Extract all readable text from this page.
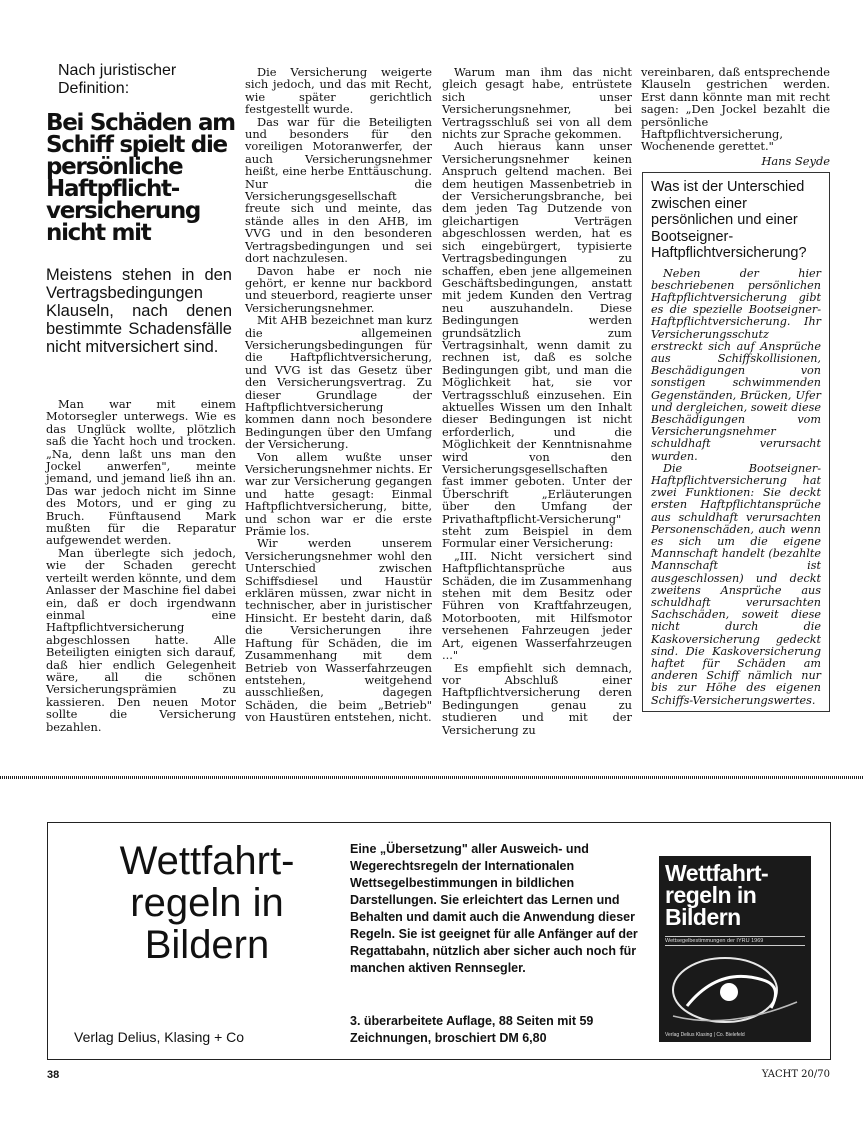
Nach juristischer Definition:
Bei Schäden am Schiff spielt die persönliche Haftpflicht- versicherung nicht mit
Meistens stehen in den Vertragsbedingungen Klauseln, nach denen bestimmte Schadensfälle nicht mitversichert sind.

Man war mit einem Motorsegler unterwegs. Wie es das Unglück wollte, plötzlich saß die Yacht hoch und trocken. „Na, denn laßt uns man den Jockel anwerfen", meinte jemand, und jemand ließ ihn an. Das war jedoch nicht im Sinne des Motors, und er ging zu Bruch. Fünftausend Mark mußten für die Reparatur aufgewendet werden.

Man überlegte sich jedoch, wie der Schaden gerecht verteilt werden könnte, und dem Anlasser der Maschine fiel dabei ein, daß er doch irgendwann einmal eine Haftpflichtversicherung abgeschlossen hatte. Alle Beteiligten einigten sich darauf, daß hier endlich Gelegenheit wäre, all die schönen Versicherungsprämien zu kassieren. Den neuen Motor sollte die Versicherung bezahlen.

Die Versicherung weigerte sich jedoch, und das mit Recht, wie später gerichtlich festgestellt wurde.

Das war für die Beteiligten und besonders für den voreiligen Motoranwerfer, der auch Versicherungsnehmer heißt, eine herbe Enttäuschung. Nur die Versicherungsgesellschaft freute sich und meinte, das stände alles in den AHB, im VVG und in den besonderen Vertragsbedingungen und sei dort nachzulesen.

Davon habe er noch nie gehört, er kenne nur backbord und steuerbord, reagierte unser Versicherungsnehmer.

Mit AHB bezeichnet man kurz die allgemeinen Versicherungsbedingungen für die Haftpflichtversicherung, und VVG ist das Gesetz über den Versicherungsvertrag. Zu dieser Grundlage der Haftpflichtversicherung kommen dann noch besondere Bedingungen über den Umfang der Versicherung.

Von allem wußte unser Versicherungsnehmer nichts. Er war zur Versicherung gegangen und hatte gesagt: Einmal Haftpflichtversicherung, bitte, und schon war er die erste Prämie los.

Wir werden unserem Versicherungsnehmer wohl den Unterschied zwischen Schiffsdiesel und Haustür erklären müssen, zwar nicht in technischer, aber in juristischer Hinsicht. Er besteht darin, daß die Versicherungen ihre Haftung für Schäden, die im Zusammenhang mit dem Betrieb von Wasserfahrzeugen entstehen, weitgehend ausschließen, dagegen Schäden, die beim „Betrieb" von Haustüren entstehen, nicht.

Warum man ihm das nicht gleich gesagt habe, entrüstete sich unser Versicherungsnehmer, bei Vertragsschluß sei von all dem nichts zur Sprache gekommen.

Auch hieraus kann unser Versicherungsnehmer keinen Anspruch geltend machen. Bei dem heutigen Massenbetrieb in der Versicherungsbranche, bei dem jeden Tag Dutzende von gleichartigen Verträgen abgeschlossen werden, hat es sich eingebürgert, typisierte Vertragsbedingungen zu schaffen, eben jene allgemeinen Geschäftsbedingungen, anstatt mit jedem Kunden den Vertrag neu auszuhandeln. Diese Bedingungen werden grundsätzlich zum Vertragsinhalt, wenn damit zu rechnen ist, daß es solche Bedingungen gibt, und man die Möglichkeit hat, sie vor Vertragsschluß einzusehen. Ein aktuelles Wissen um den Inhalt dieser Bedingungen ist nicht erforderlich, und die Möglichkeit der Kenntnisnahme wird von den Versicherungsgesellschaften fast immer geboten. Unter der Überschrift „Erläuterungen über den Umfang der Privathaftpflicht-Versicherung" steht zum Beispiel in dem Formular einer Versicherung:

„III. Nicht versichert sind Haftpflichtansprüche aus Schäden, die im Zusammenhang stehen mit dem Besitz oder Führen von Kraftfahrzeugen, Motorbooten, mit Hilfsmotor versehenen Fahrzeugen jeder Art, eigenen Wasserfahrzeugen ..."

Es empfiehlt sich demnach, vor Abschluß einer Haftpflichtversicherung deren Bedingungen genau zu studieren und mit der Versicherung zu

vereinbaren, daß entsprechende Klauseln gestrichen werden. Erst dann könnte man mit recht sagen: „Den Jockel bezahlt die persönliche Haftpflichtversicherung, Wochenende gerettet."

Hans Seyde
Was ist der Unterschied zwischen einer persönlichen und einer Bootseigner-Haftpflichtversicherung?

Neben der hier beschriebenen persönlichen Haftpflichtversicherung gibt es die spezielle Bootseigner-Haftpflichtversicherung. Ihr Versicherungsschutz erstreckt sich auf Ansprüche aus Schiffskollisionen, Beschädigungen von sonstigen schwimmenden Gegenständen, Brücken, Ufer und dergleichen, soweit diese Beschädigungen vom Versicherungsnehmer schuldhaft verursacht wurden.

Die Bootseigner-Haftpflichtversicherung hat zwei Funktionen: Sie deckt ersten Haftpflichtansprüche aus schuldhaft verursachten Personenschäden, auch wenn es sich um die eigene Mannschaft handelt (bezahlte Mannschaft ist ausgeschlossen) und deckt zweitens Ansprüche aus schuldhaft verursachten Sachschäden, soweit diese nicht durch die Kaskoversicherung gedeckt sind. Die Kaskoversicherung haftet für Schäden am anderen Schiff nämlich nur bis zur Höhe des eigenen Schiffs-Versicherungswertes.

Wettfahrt- regeln in Bildern
Verlag Delius, Klasing + Co
Eine „Übersetzung" aller Ausweich- und Wegerechtsregeln der Internationalen Wettsegelbestimmungen in bildlichen Darstellungen. Sie erleichtert das Lernen und Behalten und damit auch die Anwendung dieser Regeln. Sie ist geeignet für alle Anfänger auf der Regattabahn, nützlich aber sicher auch noch für manchen aktiven Rennsegler.
3. überarbeitete Auflage, 88 Seiten mit 59 Zeichnungen, broschiert DM 6,80
Wettfahrt- regeln in Bildern
Wettsegelbestimmungen der IYRU 1969
Verlag Delius Klasing | Co. Bielefeld
38	YACHT 20/70
